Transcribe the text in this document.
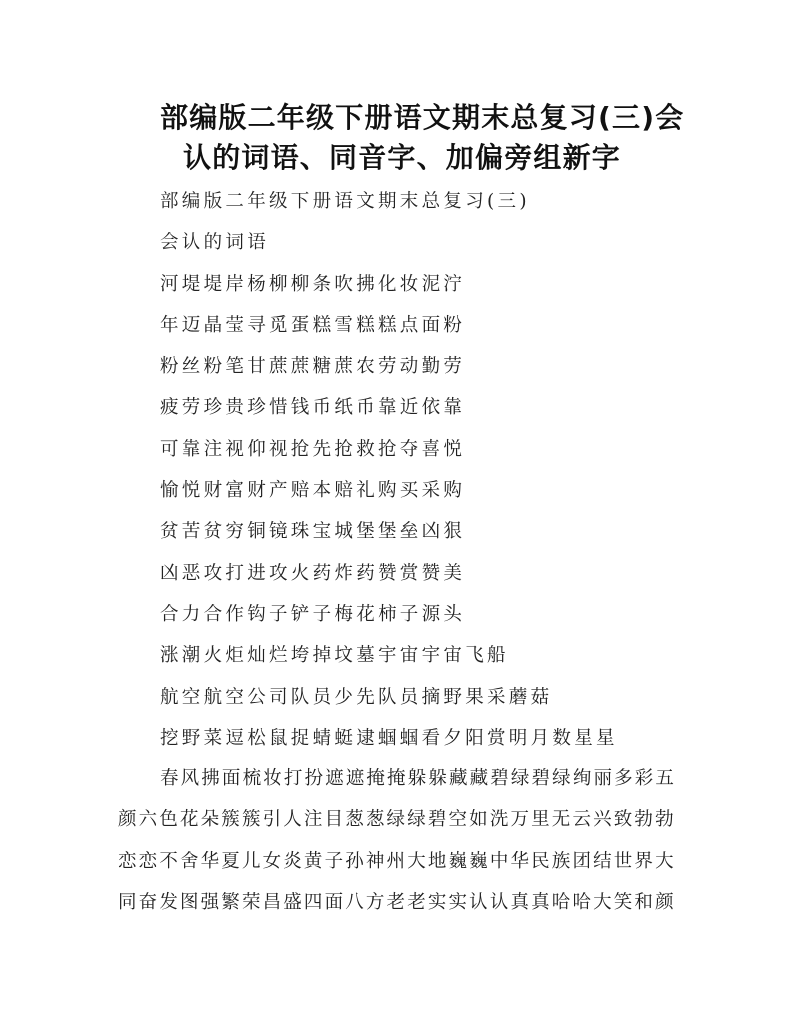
部编版二年级下册语文期末总复习(三)会
认的词语、同音字、加偏旁组新字
部编版二年级下册语文期末总复习(三)
会认的词语
河堤堤岸杨柳柳条吹拂化妆泥泞
年迈晶莹寻觅蛋糕雪糕糕点面粉
粉丝粉笔甘蔗蔗糖蔗农劳动勤劳
疲劳珍贵珍惜钱币纸币靠近依靠
可靠注视仰视抢先抢救抢夺喜悦
愉悦财富财产赔本赔礼购买采购
贫苦贫穷铜镜珠宝城堡堡垒凶狠
凶恶攻打进攻火药炸药赞赏赞美
合力合作钩子铲子梅花柿子源头
涨潮火炬灿烂垮掉坟墓宇宙宇宙飞船
航空航空公司队员少先队员摘野果采蘑菇
挖野菜逗松鼠捉蜻蜓逮蝈蝈看夕阳赏明月数星星
春 风 拂 面 梳 妆 打 扮 遮 遮 掩 掩 躲 躲 藏 藏 碧 绿 碧 绿 绚 丽 多 彩 五
颜 六 色 花 朵 簇 簇 引 人 注 目 葱 葱 绿 绿 碧 空 如 洗 万 里 无 云 兴 致 勃 勃
恋 恋 不 舍 华 夏 儿 女 炎 黄 子 孙 神 州 大 地 巍 巍 中 华 民 族 团 结 世 界 大
同 奋 发 图 强 繁 荣 昌 盛 四 面 八 方 老 老 实 实 认 认 真 真 哈 哈 大 笑 和 颜
